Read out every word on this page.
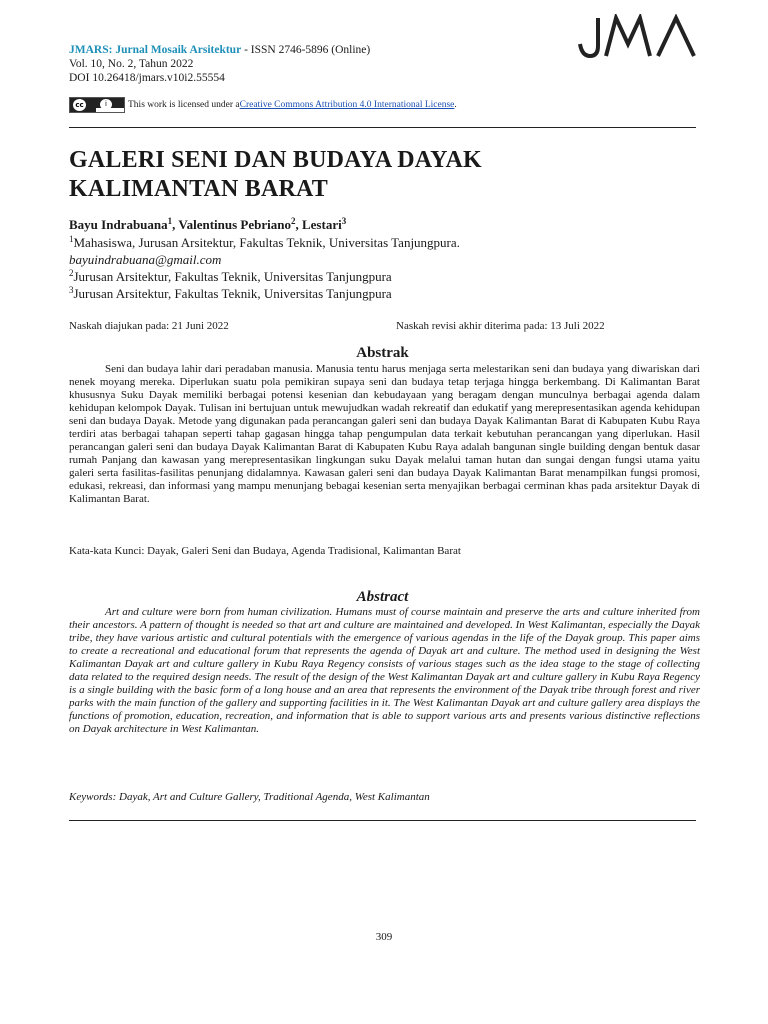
JMARS: Jurnal Mosaik Arsitektur - ISSN 2746-5896 (Online)
Vol. 10, No. 2, Tahun 2022
DOI 10.26418/jmars.v10i2.55554
cc	i	This work is licensed under a Creative Commons Attribution 4.0 International License .
GALERI SENI DAN BUDAYA DAYAK
KALIMANTAN BARAT
Bayu Indrabuana$^1$, Valentinus Pebriano$^2$, Lestari$^3$
$^1$Mahasiswa, Jurusan Arsitektur, Fakultas Teknik, Universitas Tanjungpura.
bayuindrabuana@gmail.com
$^2$Jurusan Arsitektur, Fakultas Teknik, Universitas Tanjungpura
$^3$Jurusan Arsitektur, Fakultas Teknik, Universitas Tanjungpura
Naskah diajukan pada: 21 Juni 2022	Naskah revisi akhir diterima pada: 13 Juli 2022
Abstrak
Seni dan budaya lahir dari peradaban manusia. Manusia tentu harus menjaga serta melestarikan seni dan budaya yang diwariskan dari nenek moyang mereka. Diperlukan suatu pola pemikiran supaya seni dan budaya tetap terjaga hingga berkembang. Di Kalimantan Barat khususnya Suku Dayak memiliki berbagai potensi kesenian dan kebudayaan yang beragam dengan munculnya berbagai agenda dalam kehidupan kelompok Dayak. Tulisan ini bertujuan untuk mewujudkan wadah rekreatif dan edukatif yang merepresentasikan agenda kehidupan seni dan budaya Dayak. Metode yang digunakan pada perancangan galeri seni dan budaya Dayak Kalimantan Barat di Kabupaten Kubu Raya terdiri atas berbagai tahapan seperti tahap gagasan hingga tahap pengumpulan data terkait kebutuhan perancangan yang diperlukan. Hasil perancangan galeri seni dan budaya Dayak Kalimantan Barat di Kabupaten Kubu Raya adalah bangunan single building dengan bentuk dasar rumah Panjang dan kawasan yang merepresentasikan lingkungan suku Dayak melalui taman hutan dan sungai dengan fungsi utama yaitu galeri serta fasilitas-fasilitas penunjang didalamnya. Kawasan galeri seni dan budaya Dayak Kalimantan Barat menampilkan fungsi promosi, edukasi, rekreasi, dan informasi yang mampu menunjang bebagai kesenian serta menyajikan berbagai cerminan khas pada arsitektur Dayak di Kalimantan Barat.
Kata-kata Kunci: Dayak, Galeri Seni dan Budaya, Agenda Tradisional, Kalimantan Barat
Abstract
Art and culture were born from human civilization. Humans must of course maintain and preserve the arts and culture inherited from their ancestors. A pattern of thought is needed so that art and culture are maintained and developed. In West Kalimantan, especially the Dayak tribe, they have various artistic and cultural potentials with the emergence of various agendas in the life of the Dayak group. This paper aims to create a recreational and educational forum that represents the agenda of Dayak art and culture. The method used in designing the West Kalimantan Dayak art and culture gallery in Kubu Raya Regency consists of various stages such as the idea stage to the stage of collecting data related to the required design needs. The result of the design of the West Kalimantan Dayak art and culture gallery in Kubu Raya Regency is a single building with the basic form of a long house and an area that represents the environment of the Dayak tribe through forest and river parks with the main function of the gallery and supporting facilities in it. The West Kalimantan Dayak art and culture gallery area displays the functions of promotion, education, recreation, and information that is able to support various arts and presents various distinctive reflections on Dayak architecture in West Kalimantan.
Keywords: Dayak, Art and Culture Gallery, Traditional Agenda, West Kalimantan
309
